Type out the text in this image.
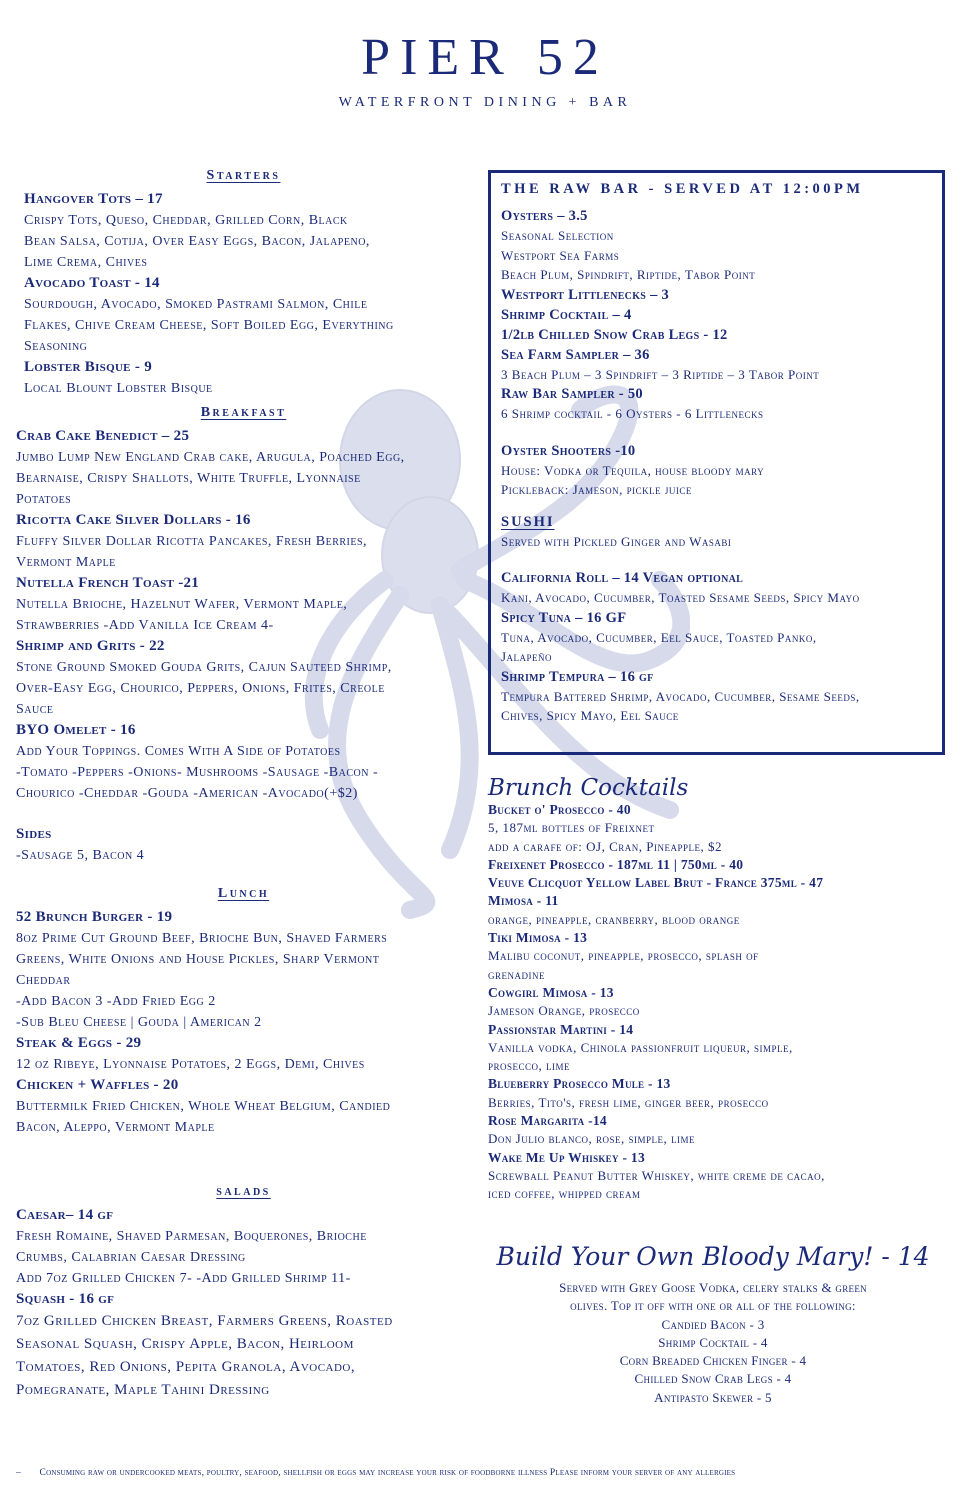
PIER 52
WATERFRONT DINING + BAR
Starters
Hangover Tots – 17
Crispy Tots, Queso, Cheddar, Grilled Corn, Black
Bean Salsa, Cotija, Over Easy Eggs, Bacon, Jalapeno,
Lime Crema, Chives
Avocado Toast - 14
Sourdough, Avocado, Smoked Pastrami Salmon, Chile
Flakes, Chive Cream Cheese, Soft Boiled Egg, Everything
Seasoning
Lobster Bisque - 9
Local Blount Lobster Bisque
Breakfast
Crab Cake Benedict – 25
Jumbo Lump New England Crab cake, Arugula, Poached Egg,
Bearnaise, Crispy Shallots, White Truffle, Lyonnaise
Potatoes
Ricotta Cake Silver Dollars - 16
Fluffy Silver Dollar Ricotta Pancakes, Fresh Berries,
Vermont Maple
Nutella French Toast -21
Nutella Brioche, Hazelnut Wafer, Vermont Maple,
Strawberries -Add Vanilla Ice Cream 4-
Shrimp and Grits - 22
Stone Ground Smoked Gouda Grits, Cajun Sauteed Shrimp,
Over-Easy Egg, Chourico, Peppers, Onions, Frites, Creole
Sauce
BYO Omelet - 16
Add Your Toppings. Comes With A Side of Potatoes
-Tomato -Peppers -Onions- Mushrooms -Sausage -Bacon -
Chourico -Cheddar -Gouda -American -Avocado(+$2)
Sides
-Sausage 5, Bacon 4
Lunch
52 Brunch Burger - 19
8oz Prime Cut Ground Beef, Brioche Bun, Shaved Farmers
Greens, White Onions and House Pickles, Sharp Vermont
Cheddar
-Add Bacon 3 -Add Fried Egg 2
-Sub Bleu Cheese | Gouda | American 2
Steak & Eggs - 29
12 oz Ribeye, Lyonnaise Potatoes, 2 Eggs, Demi, Chives
Chicken + Waffles - 20
Buttermilk Fried Chicken, Whole Wheat Belgium, Candied
Bacon, Aleppo, Vermont Maple
salads
Caesar– 14 gf
Fresh Romaine, Shaved Parmesan, Boquerones, Brioche
Crumbs, Calabrian Caesar Dressing
Add 7oz Grilled Chicken 7- -Add Grilled Shrimp 11-
Squash - 16 gf
7oz Grilled Chicken Breast, Farmers Greens, Roasted
Seasonal Squash, Crispy Apple, Bacon, Heirloom
Tomatoes, Red Onions, Pepita Granola, Avocado,
Pomegranate, Maple Tahini Dressing
THE RAW BAR - SERVED AT 12:00PM
Oysters – 3.5
Seasonal Selection
Westport Sea Farms
Beach Plum, Spindrift, Riptide, Tabor Point
Westport Littlenecks – 3
Shrimp Cocktail – 4
1/2lb Chilled Snow Crab Legs - 12
Sea Farm Sampler – 36
3 Beach Plum – 3 Spindrift – 3 Riptide – 3 Tabor Point
Raw Bar Sampler - 50
6 Shrimp cocktail - 6 Oysters - 6 Littlenecks
Oyster Shooters -10
House: Vodka or Tequila, house bloody mary
Pickleback: Jameson, pickle juice
SUSHI
Served with Pickled Ginger and Wasabi
California Roll – 14 Vegan optional
Kani, Avocado, Cucumber, Toasted Sesame Seeds, Spicy Mayo
Spicy Tuna – 16 GF
Tuna, Avocado, Cucumber, Eel Sauce, Toasted Panko,
Jalapeño
Shrimp Tempura – 16 gf
Tempura Battered Shrimp, Avocado, Cucumber, Sesame Seeds,
Chives, Spicy Mayo, Eel Sauce
Brunch Cocktails
Bucket o' Prosecco - 40
5, 187ml bottles of Freixnet
add a carafe of: OJ, Cran, Pineapple, $2
Freixenet Prosecco - 187ml 11 | 750ml - 40
Veuve Clicquot Yellow Label Brut - France 375ml - 47
Mimosa - 11
orange, pineapple, cranberry, blood orange
Tiki Mimosa - 13
Malibu coconut, pineapple, prosecco, splash of
grenadine
Cowgirl Mimosa - 13
Jameson Orange, prosecco
Passionstar Martini - 14
Vanilla vodka, Chinola passionfruit liqueur, simple,
prosecco, lime
Blueberry Prosecco Mule - 13
Berries, Tito's, fresh lime, ginger beer, prosecco
Rose Margarita -14
Don Julio blanco, rose, simple, lime
Wake Me Up Whiskey - 13
Screwball Peanut Butter Whiskey, white creme de cacao,
iced coffee, whipped cream
Build Your Own Bloody Mary! - 14
Served with Grey Goose Vodka, celery stalks & green
olives. Top it off with one or all of the following:
Candied Bacon - 3
Shrimp Cocktail - 4
Corn Breaded Chicken Finger - 4
Chilled Snow Crab Legs - 4
Antipasto Skewer - 5
– Consuming raw or undercooked meats, poultry, seafood, shellfish or eggs may increase your risk of foodborne illness Please inform your server of any allergies
